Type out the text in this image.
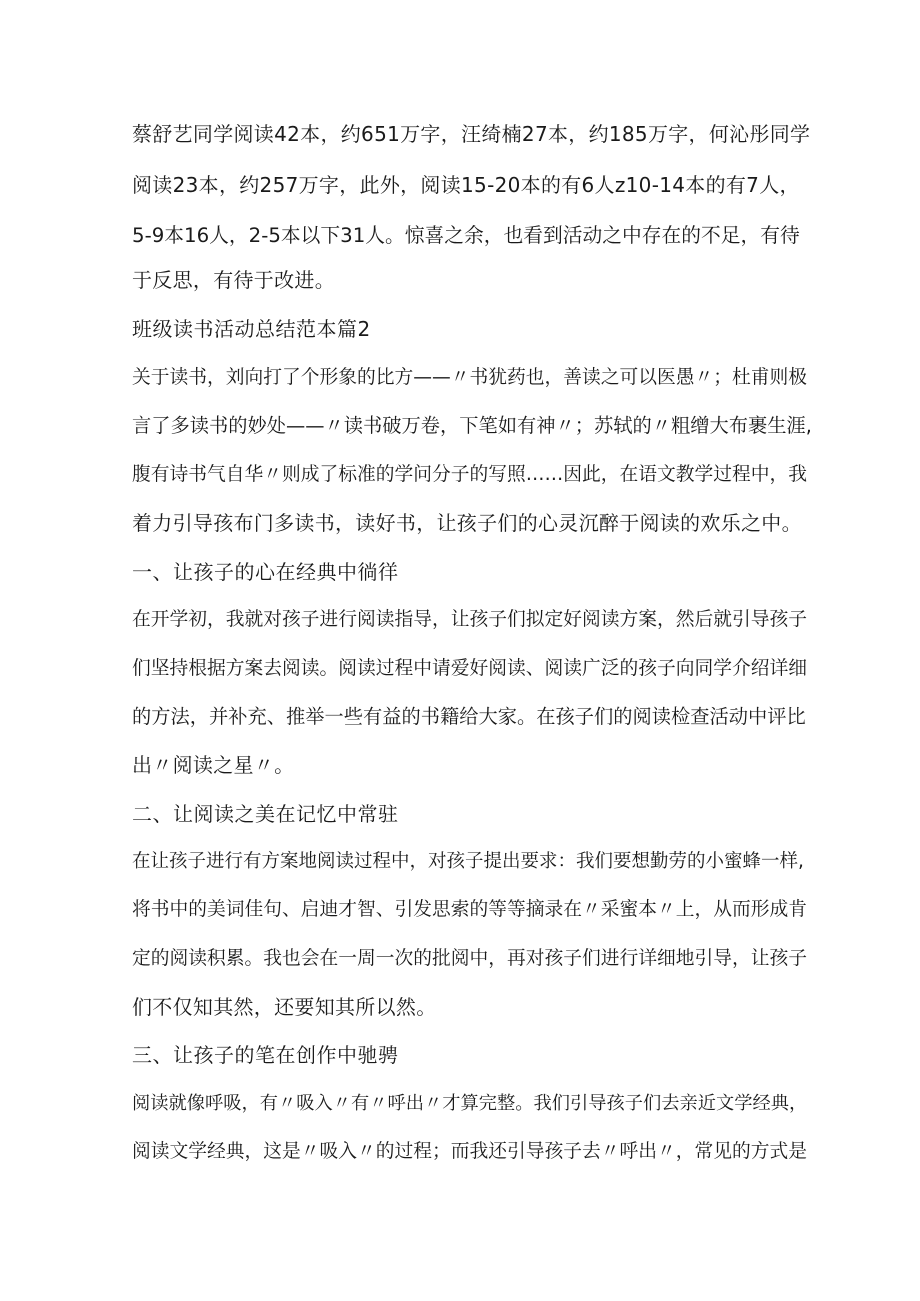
蔡舒艺同学阅读42本，约651万字，汪绮楠27本，约185万字，何沁彤同学
阅读23本，约257万字，此外，阅读15-20本的有6人z10-14本的有7人，
5-9本16人，2-5本以下31人。惊喜之余，也看到活动之中存在的不足，有待
于反思，有待于改进。
班级读书活动总结范本篇2
关于读书，刘向打了个形象的比方——〃书犹药也，善读之可以医愚〃；杜甫则极
言了多读书的妙处——〃读书破万卷，下笔如有神〃；苏轼的〃粗缯大布裹生涯,
腹有诗书气自华〃则成了标准的学问分子的写照……因此，在语文教学过程中，我
着力引导孩布门多读书，读好书，让孩子们的心灵沉醉于阅读的欢乐之中。
一、让孩子的心在经典中徜徉
在开学初，我就对孩子进行阅读指导，让孩子们拟定好阅读方案，然后就引导孩子
们坚持根据方案去阅读。阅读过程中请爱好阅读、阅读广泛的孩子向同学介绍详细
的方法，并补充、推举一些有益的书籍给大家。在孩子们的阅读检查活动中评比
出〃阅读之星〃。
二、让阅读之美在记忆中常驻
在让孩子进行有方案地阅读过程中，对孩子提出要求：我们要想勤劳的小蜜蜂一样,
将书中的美词佳句、启迪才智、引发思索的等等摘录在〃采蜜本〃上，从而形成肯
定的阅读积累。我也会在一周一次的批阅中，再对孩子们进行详细地引导，让孩子
们不仅知其然，还要知其所以然。
三、让孩子的笔在创作中驰骋
阅读就像呼吸，有〃吸入〃有〃呼出〃才算完整。我们引导孩子们去亲近文学经典，
阅读文学经典，这是〃吸入〃的过程；而我还引导孩子去〃呼出〃，常见的方式是
